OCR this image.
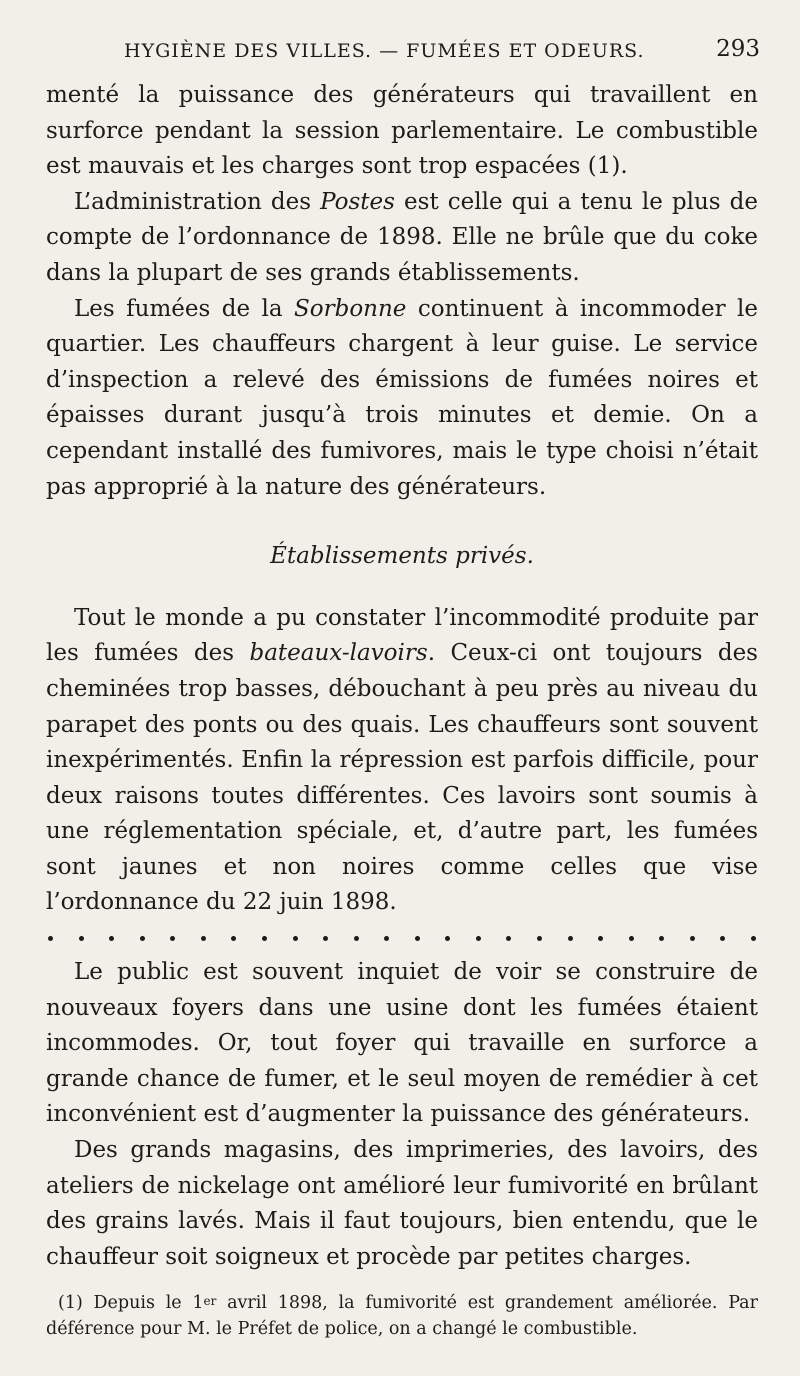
HYGIÈNE DES VILLES. — FUMÉES ET ODEURS.	293

menté la puissance des générateurs qui travaillent en surforce pendant la session parlementaire. Le combustible est mauvais et les charges sont trop espacées (1).

L’administration des Postes est celle qui a tenu le plus de compte de l’ordonnance de 1898. Elle ne brûle que du coke dans la plupart de ses grands établissements.

Les fumées de la Sorbonne continuent à incommoder le quartier. Les chauffeurs chargent à leur guise. Le service d’inspection a relevé des émissions de fumées noires et épaisses durant jusqu’à trois minutes et demie. On a cependant installé des fumivores, mais le type choisi n’était pas approprié à la nature des générateurs.

Établissements privés.

Tout le monde a pu constater l’incommodité produite par les fumées des bateaux-lavoirs. Ceux-ci ont toujours des cheminées trop basses, débouchant à peu près au niveau du parapet des ponts ou des quais. Les chauffeurs sont souvent inexpérimentés. Enfin la répression est parfois difficile, pour deux raisons toutes différentes. Ces lavoirs sont soumis à une réglementation spéciale, et, d’autre part, les fumées sont jaunes et non noires comme celles que vise l’ordonnance du 22 juin 1898.

Le public est souvent inquiet de voir se construire de nouveaux foyers dans une usine dont les fumées étaient incommodes. Or, tout foyer qui travaille en surforce a grande chance de fumer, et le seul moyen de remédier à cet inconvénient est d’augmenter la puissance des générateurs.

Des grands magasins, des imprimeries, des lavoirs, des ateliers de nickelage ont amélioré leur fumivorité en brûlant des grains lavés. Mais il faut toujours, bien entendu, que le chauffeur soit soigneux et procède par petites charges.

(1) Depuis le 1er avril 1898, la fumivorité est grandement améliorée. Par déférence pour M. le Préfet de police, on a changé le combustible.
